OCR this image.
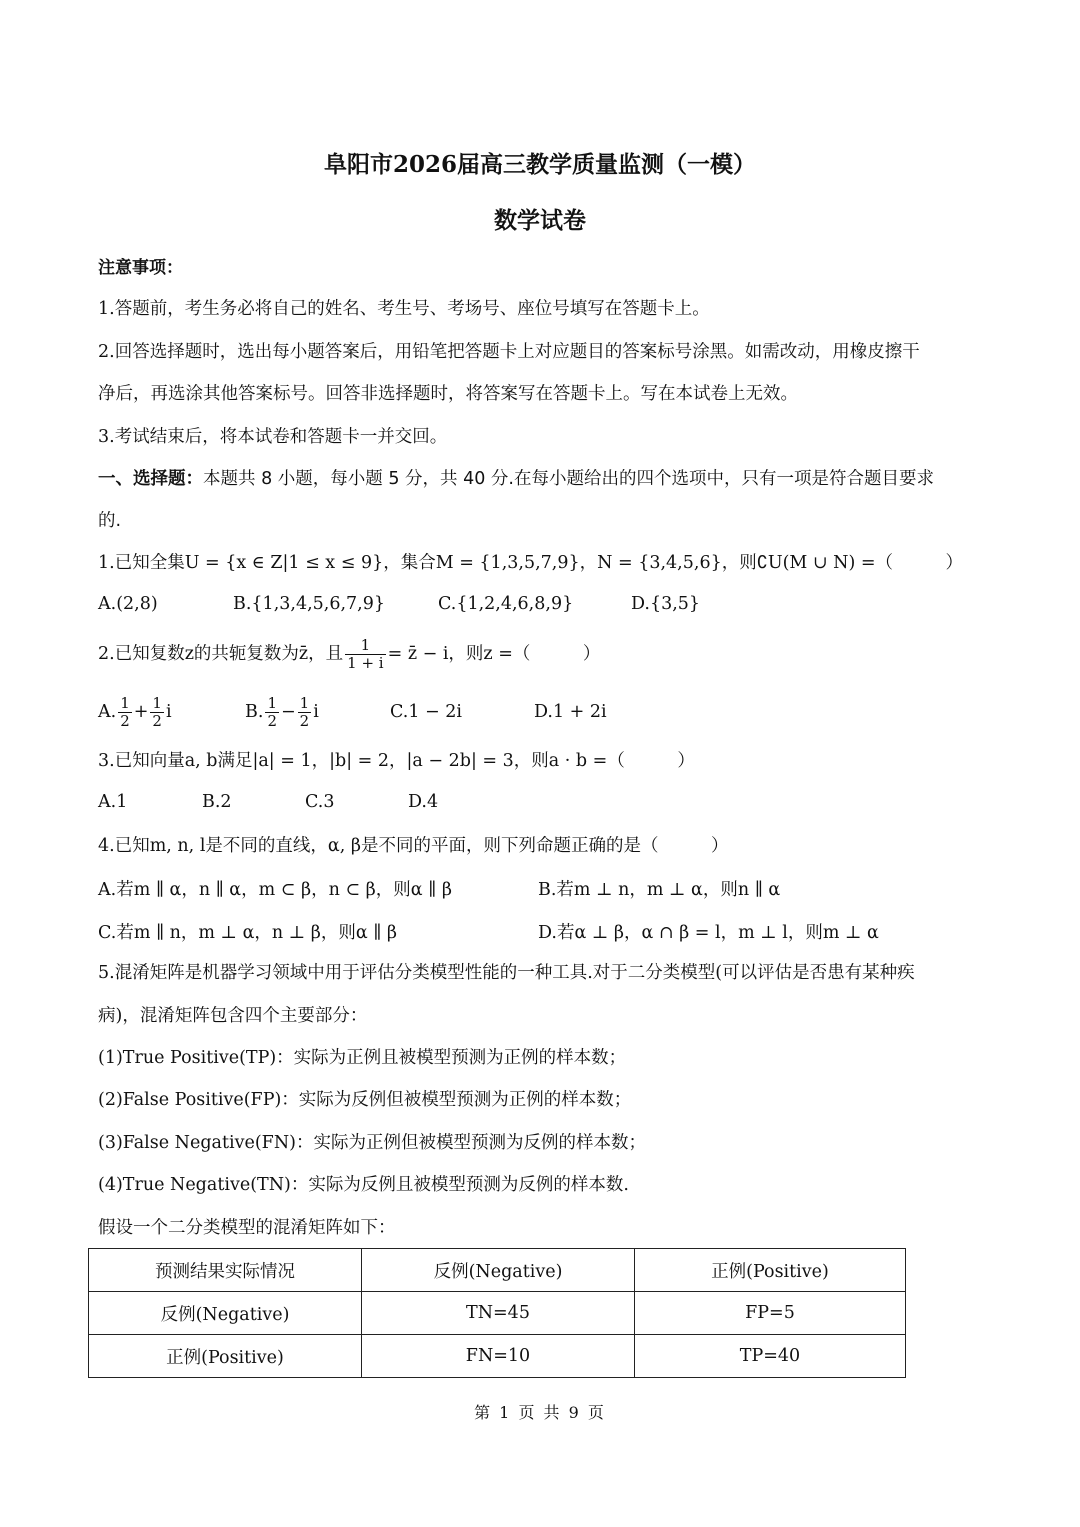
阜阳市2026届高三教学质量监测（一模）
数学试卷
注意事项：
1.答题前，考生务必将自己的姓名、考生号、考场号、座位号填写在答题卡上。
2.回答选择题时，选出每小题答案后，用铅笔把答题卡上对应题目的答案标号涂黑。如需改动，用橡皮擦干
净后，再选涂其他答案标号。回答非选择题时，将答案写在答题卡上。写在本试卷上无效。
3.考试结束后，将本试卷和答题卡一并交回。
一、选择题：本题共 8 小题，每小题 5 分，共 40 分.在每小题给出的四个选项中，只有一项是符合题目要求
的.
1.已知全集U = {x ∈ Z|1 ≤ x ≤ 9}，集合M = {1,3,5,7,9}，N = {3,4,5,6}，则∁U(M ∪ N) =（　　　）
A.(2,8)	B.{1,3,4,5,6,7,9}	C.{1,2,4,6,8,9}	D.{3,5}
2.已知复数z的共轭复数为z̄，且 $\frac{1}{1 + i}$ = z̄ − i，则z =（　　　）
A. $\frac{1}{2} + \frac{1}{2}$ i	B. $\frac{1}{2} - \frac{1}{2}$ i	C.1 − 2i	D.1 + 2i
3.已知向量a, b满足|a| = 1，|b| = 2，|a − 2b| = 3，则a · b =（　　　）
A.1	B.2	C.3	D.4
4.已知m, n, l是不同的直线，α, β是不同的平面，则下列命题正确的是（　　　）
A.若m ∥ α，n ∥ α，m ⊂ β，n ⊂ β，则α ∥ β	B.若m ⊥ n，m ⊥ α，则n ∥ α
C.若m ∥ n，m ⊥ α，n ⊥ β，则α ∥ β	D.若α ⊥ β，α ∩ β = l，m ⊥ l，则m ⊥ α
5.混淆矩阵是机器学习领域中用于评估分类模型性能的一种工具.对于二分类模型(可以评估是否患有某种疾
病)，混淆矩阵包含四个主要部分：
(1)True Positive(TP)：实际为正例且被模型预测为正例的样本数；
(2)False Positive(FP)：实际为反例但被模型预测为正例的样本数；
(3)False Negative(FN)：实际为正例但被模型预测为反例的样本数；
(4)True Negative(TN)：实际为反例且被模型预测为反例的样本数.
假设一个二分类模型的混淆矩阵如下：
预测结果实际情况	反例(Negative)	正例(Positive)
反例(Negative)	TN=45	FP=5
正例(Positive)	FN=10	TP=40
第 1 页 共 9 页
